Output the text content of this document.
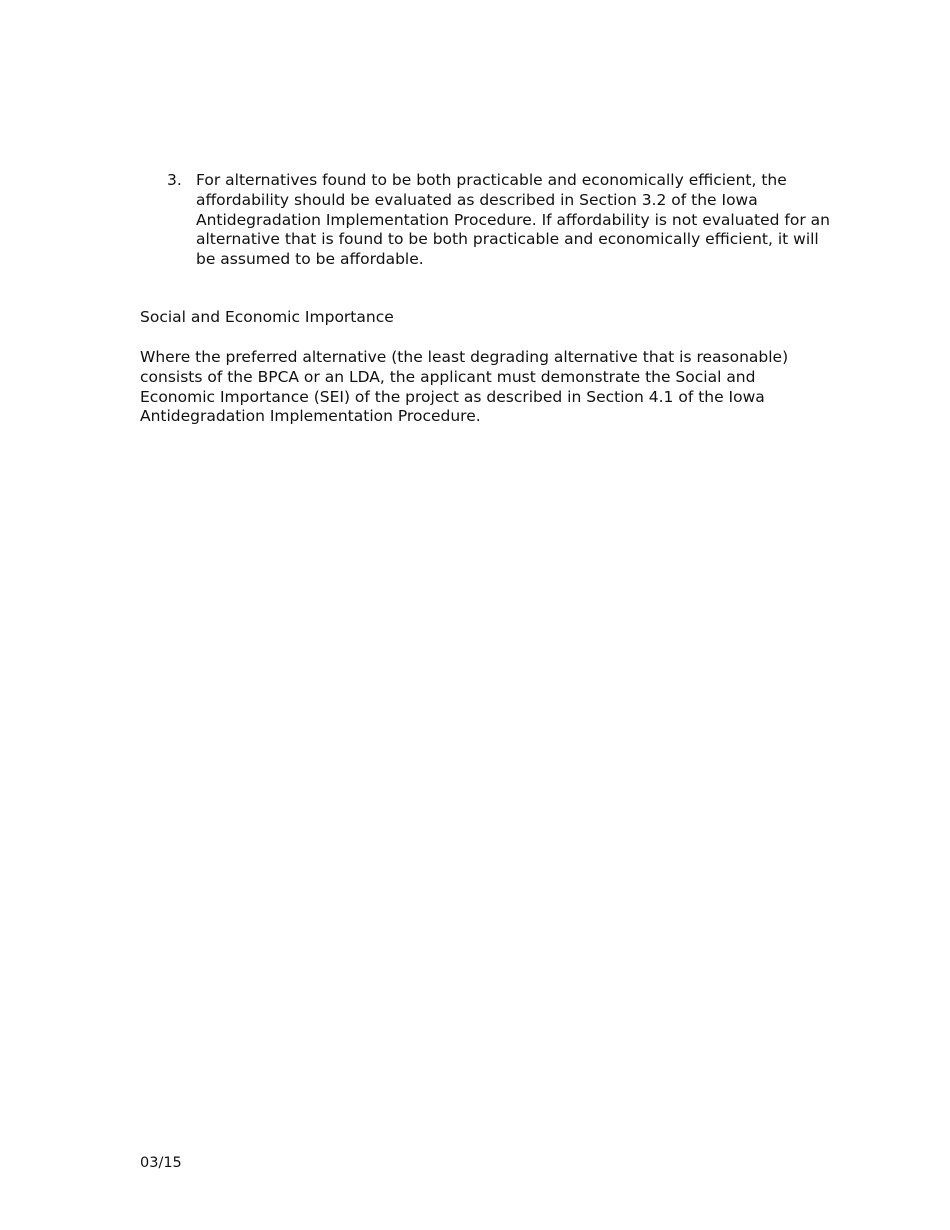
3. For alternatives found to be both practicable and economically efficient, the
affordability should be evaluated as described in Section 3.2 of the Iowa
Antidegradation Implementation Procedure. If affordability is not evaluated for an
alternative that is found to be both practicable and economically efficient, it will
be assumed to be affordable.
Social and Economic Importance
Where the preferred alternative (the least degrading alternative that is reasonable)
consists of the BPCA or an LDA, the applicant must demonstrate the Social and
Economic Importance (SEI) of the project as described in Section 4.1 of the Iowa
Antidegradation Implementation Procedure.
03/15
